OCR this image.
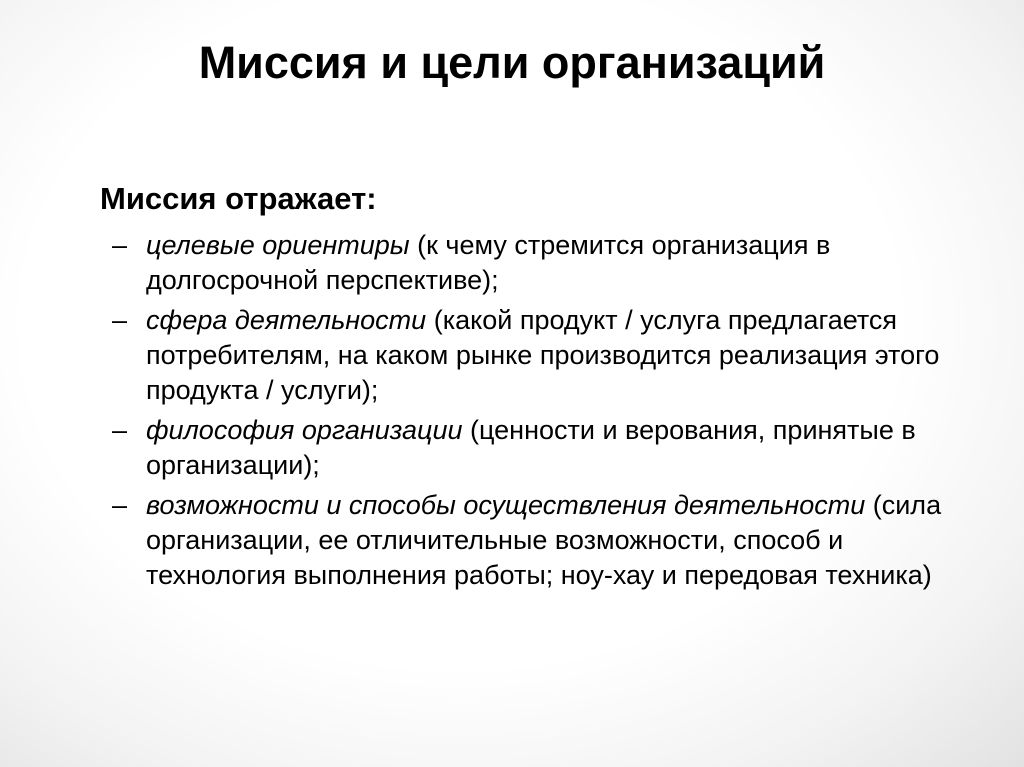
Миссия и цели организаций
Миссия отражает:
– целевые ориентиры (к чему стремится организация в долгосрочной перспективе);
– сфера деятельности (какой продукт / услуга предлагается потребителям, на каком рынке производится реализация этого продукта / услуги);
– философия организации (ценности и верования, принятые в организации);
– возможности и способы осуществления деятельности (сила организации, ее отличительные возможности, способ и технология выполнения работы; ноу-хау и передовая техника)
